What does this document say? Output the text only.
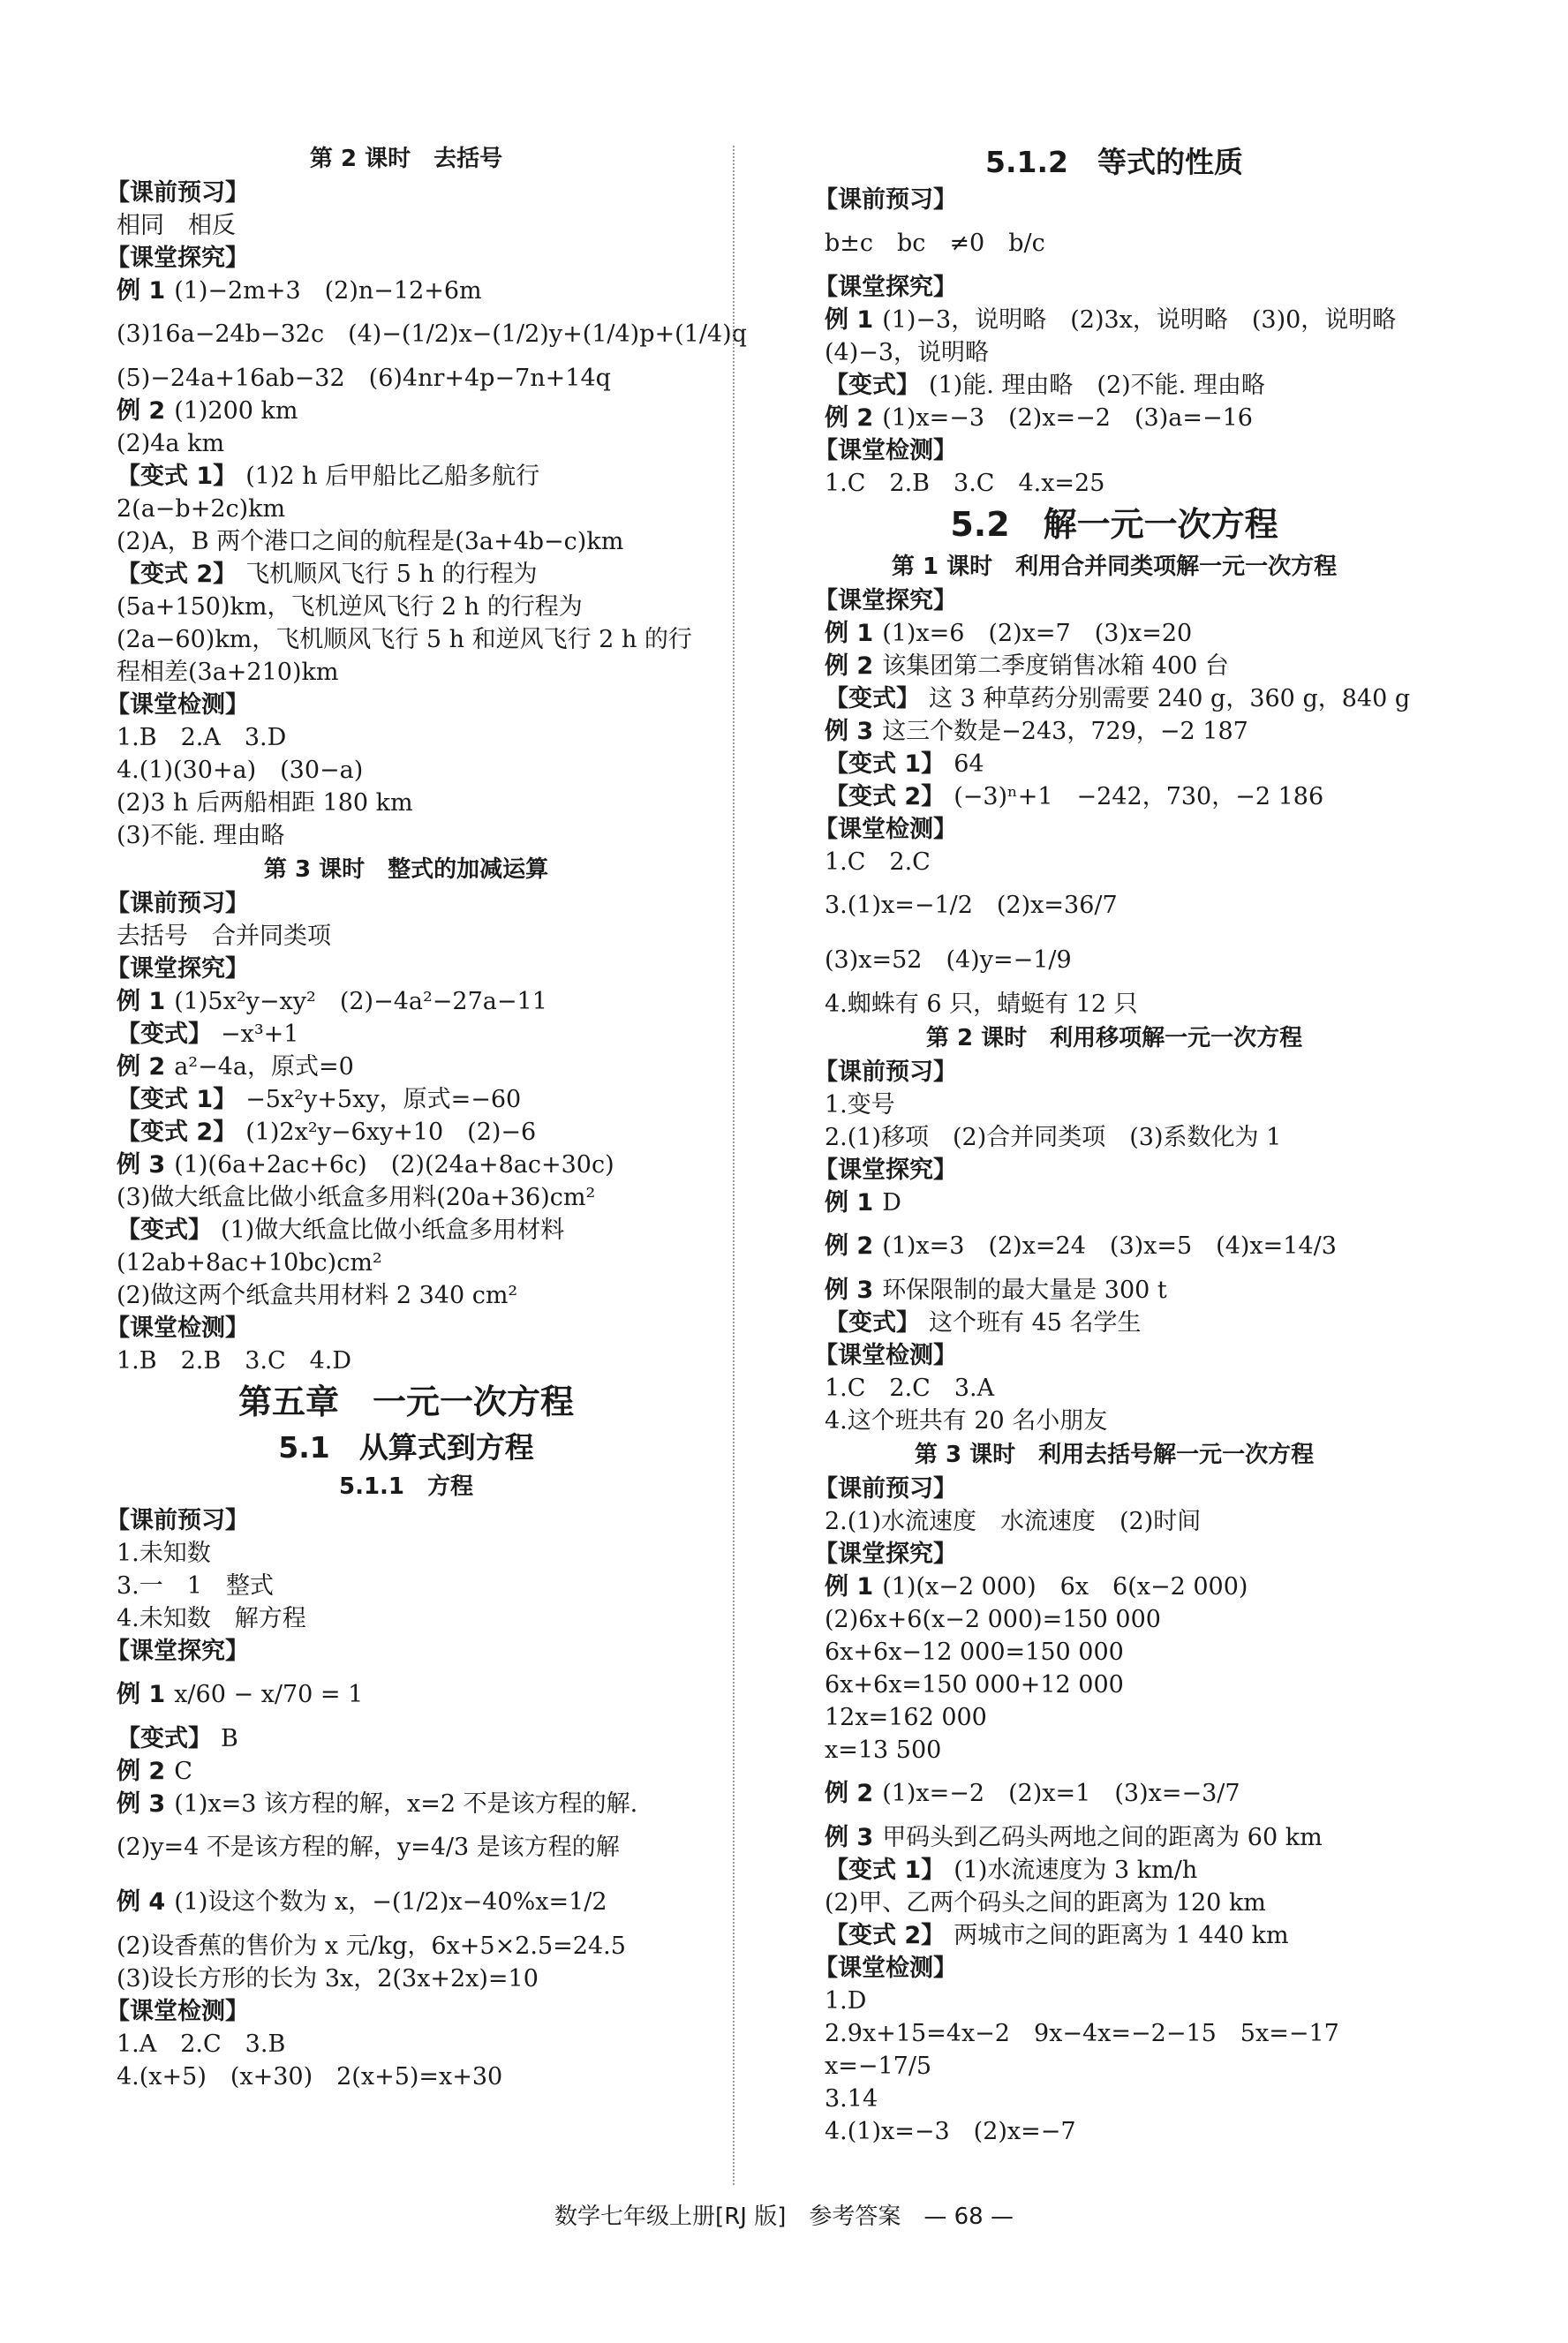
第 2 课时　去括号
【课前预习】
相同　相反
【课堂探究】
例 1 (1)−2m+3　(2)n−12+6m
(3)16a−24b−32c　(4)−(1/2)x−(1/2)y+(1/4)p+(1/4)q
(5)−24a+16ab−32　(6)4nr+4p−7n+14q
例 2 (1)200 km
(2)4a km
【变式 1】 (1)2 h 后甲船比乙船多航行 2(a−b+2c)km
(2)A，B 两个港口之间的航程是(3a+4b−c)km
【变式 2】 飞机顺风飞行 5 h 的行程为(5a+150)km，飞机逆风飞行 2 h 的行程为(2a−60)km，飞机顺风飞行 5 h 和逆风飞行 2 h 的行程相差(3a+210)km
【课堂检测】
1.B　2.A　3.D
4.(1)(30+a)　(30−a)
(2)3 h 后两船相距 180 km
(3)不能. 理由略
第 3 课时　整式的加减运算
【课前预习】
去括号　合并同类项
【课堂探究】
例 1 (1)5x²y−xy²　(2)−4a²−27a−11
【变式】 −x³+1
例 2 a²−4a，原式=0
【变式 1】 −5x²y+5xy，原式=−60
【变式 2】 (1)2x²y−6xy+10　(2)−6
例 3 (1)(6a+2ac+6c)　(2)(24a+8ac+30c)
(3)做大纸盒比做小纸盒多用料(20a+36)cm²
【变式】 (1)做大纸盒比做小纸盒多用材料(12ab+8ac+10bc)cm²
(2)做这两个纸盒共用材料 2 340 cm²
【课堂检测】
1.B　2.B　3.C　4.D
第五章　一元一次方程
5.1　从算式到方程
5.1.1　方程
【课前预习】
1.未知数
3.一　1　整式
4.未知数　解方程
【课堂探究】
例 1 x/60 − x/70 = 1
【变式】 B
例 2 C
例 3 (1)x=3 该方程的解，x=2 不是该方程的解.
(2)y=4 不是该方程的解，y=4/3 是该方程的解
例 4 (1)设这个数为 x，−(1/2)x−40%x=1/2
(2)设香蕉的售价为 x 元/kg，6x+5×2.5=24.5
(3)设长方形的长为 3x，2(3x+2x)=10
【课堂检测】
1.A　2.C　3.B
4.(x+5)　(x+30)　2(x+5)=x+30
5.1.2　等式的性质
【课前预习】
b±c　bc　≠0　b/c
【课堂探究】
例 1 (1)−3，说明略　(2)3x，说明略　(3)0，说明略　(4)−3，说明略
【变式】 (1)能. 理由略　(2)不能. 理由略
例 2 (1)x=−3　(2)x=−2　(3)a=−16
【课堂检测】
1.C　2.B　3.C　4.x=25
5.2　解一元一次方程
第 1 课时　利用合并同类项解一元一次方程
【课堂探究】
例 1 (1)x=6　(2)x=7　(3)x=20
例 2 该集团第二季度销售冰箱 400 台
【变式】 这 3 种草药分别需要 240 g，360 g，840 g
例 3 这三个数是−243，729，−2 187
【变式 1】 64
【变式 2】 (−3)ⁿ+1　−242，730，−2 186
【课堂检测】
1.C　2.C
3.(1)x=−1/2　(2)x=36/7
(3)x=52　(4)y=−1/9
4.蜘蛛有 6 只，蜻蜓有 12 只
第 2 课时　利用移项解一元一次方程
【课前预习】
1.变号
2.(1)移项　(2)合并同类项　(3)系数化为 1
【课堂探究】
例 1 D
例 2 (1)x=3　(2)x=24　(3)x=5　(4)x=14/3
例 3 环保限制的最大量是 300 t
【变式】 这个班有 45 名学生
【课堂检测】
1.C　2.C　3.A
4.这个班共有 20 名小朋友
第 3 课时　利用去括号解一元一次方程
【课前预习】
2.(1)水流速度　水流速度　(2)时间
【课堂探究】
例 1 (1)(x−2 000)　6x　6(x−2 000)
(2)6x+6(x−2 000)=150 000
6x+6x−12 000=150 000
6x+6x=150 000+12 000
12x=162 000
x=13 500
例 2 (1)x=−2　(2)x=1　(3)x=−3/7
例 3 甲码头到乙码头两地之间的距离为 60 km
【变式 1】 (1)水流速度为 3 km/h
(2)甲、乙两个码头之间的距离为 120 km
【变式 2】 两城市之间的距离为 1 440 km
【课堂检测】
1.D
2.9x+15=4x−2　9x−4x=−2−15　5x=−17　x=−17/5
3.14
4.(1)x=−3　(2)x=−7
数学七年级上册[RJ 版]　参考答案　— 68 —
